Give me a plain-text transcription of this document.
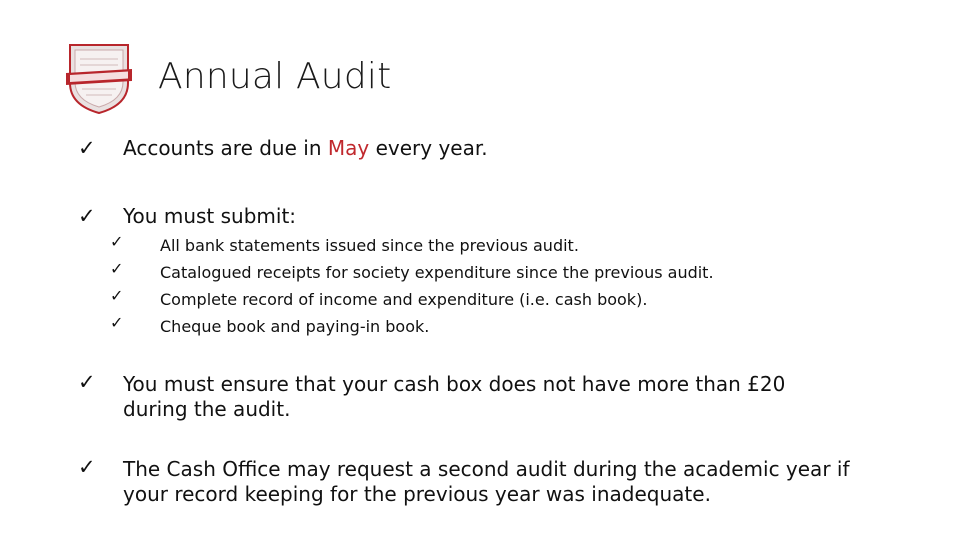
Annual Audit
✓ Accounts are due in May every year.
✓ You must submit:
✓ All bank statements issued since the previous audit.
✓ Catalogued receipts for society expenditure since the previous audit.
✓ Complete record of income and expenditure (i.e. cash book).
✓ Cheque book and paying-in book.
✓ You must ensure that your cash box does not have more than £20
during the audit.
✓ The Cash Office may request a second audit during the academic year if
your record keeping for the previous year was inadequate.
